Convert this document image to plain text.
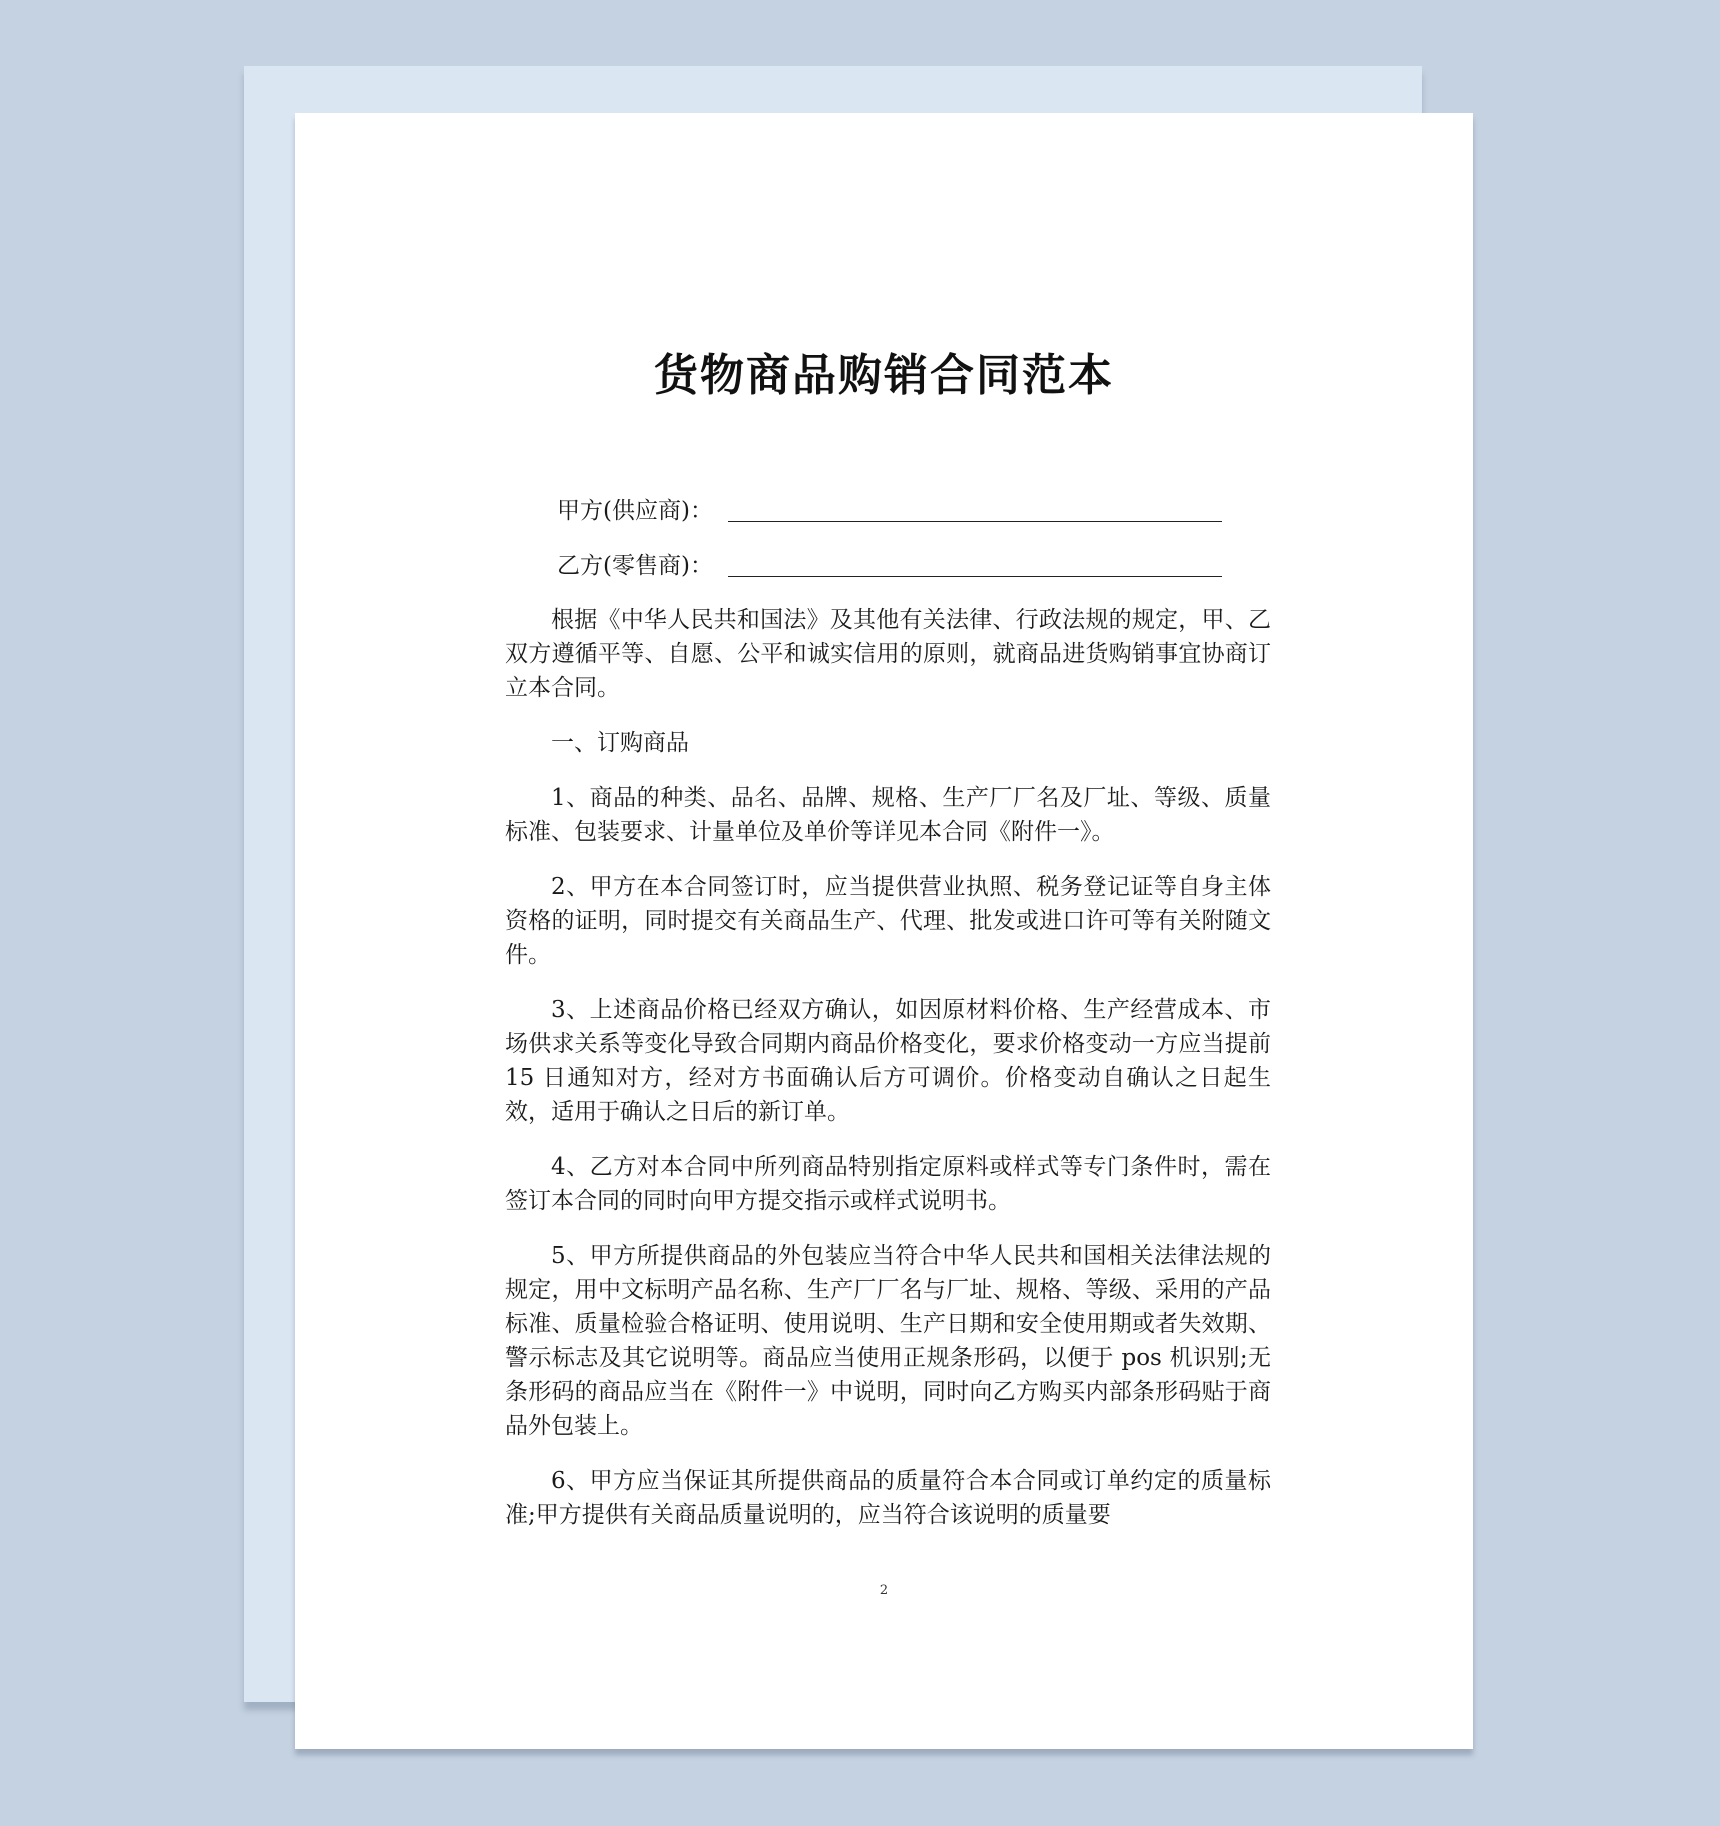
货物商品购销合同范本
甲方(供应商)：
乙方(零售商)：

根据《中华人民共和国法》及其他有关法律、行政法规的规定，甲、乙双方遵循平等、自愿、公平和诚实信用的原则，就商品进货购销事宜协商订立本合同。

一、订购商品

1、商品的种类、品名、品牌、规格、生产厂厂名及厂址、等级、质量标准、包装要求、计量单位及单价等详见本合同《附件一》。

2、甲方在本合同签订时，应当提供营业执照、税务登记证等自身主体资格的证明，同时提交有关商品生产、代理、批发或进口许可等有关附随文件。

3、上述商品价格已经双方确认，如因原材料价格、生产经营成本、市场供求关系等变化导致合同期内商品价格变化，要求价格变动一方应当提前 15 日通知对方，经对方书面确认后方可调价。价格变动自确认之日起生效，适用于确认之日后的新订单。

4、乙方对本合同中所列商品特别指定原料或样式等专门条件时，需在签订本合同的同时向甲方提交指示或样式说明书。

5、甲方所提供商品的外包装应当符合中华人民共和国相关法律法规的规定，用中文标明产品名称、生产厂厂名与厂址、规格、等级、采用的产品标准、质量检验合格证明、使用说明、生产日期和安全使用期或者失效期、警示标志及其它说明等。商品应当使用正规条形码，以便于 pos 机识别;无条形码的商品应当在《附件一》中说明，同时向乙方购买内部条形码贴于商品外包装上。

6、甲方应当保证其所提供商品的质量符合本合同或订单约定的质量标准;甲方提供有关商品质量说明的，应当符合该说明的质量要

2
